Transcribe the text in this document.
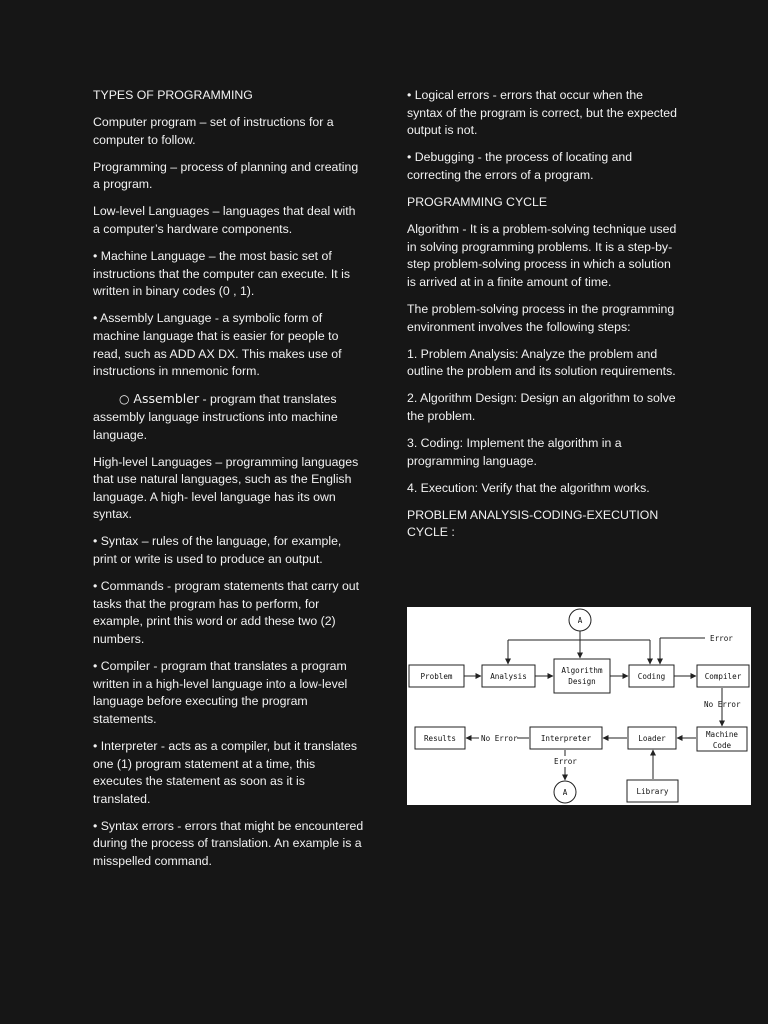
TYPES OF PROGRAMMING

Computer program – set of instructions for a computer to follow.

Programming – process of planning and creating a program.

Low-level Languages – languages that deal with a computer’s hardware components.

• Machine Language – the most basic set of instructions that the computer can execute. It is written in binary codes (0 , 1).

• Assembly Language - a symbolic form of machine language that is easier for people to read, such as ADD AX DX. This makes use of instructions in mnemonic form.

○ Assembler - program that translates assembly language instructions into machine language.

High-level Languages – programming languages that use natural languages, such as the English language. A high- level language has its own syntax.

• Syntax – rules of the language, for example, print or write is used to produce an output.

• Commands - program statements that carry out tasks that the program has to perform, for example, print this word or add these two (2) numbers.

• Compiler - program that translates a program written in a high-level language into a low-level language before executing the program statements.

• Interpreter - acts as a compiler, but it translates one (1) program statement at a time, this executes the statement as soon as it is translated.

• Syntax errors - errors that might be encountered during the process of translation. An example is a misspelled command.

• Logical errors - errors that occur when the syntax of the program is correct, but the expected output is not.

• Debugging - the process of locating and correcting the errors of a program.

PROGRAMMING CYCLE

Algorithm - It is a problem-solving technique used in solving programming problems. It is a step-by-step problem-solving process in which a solution is arrived at in a finite amount of time.

The problem-solving process in the programming environment involves the following steps:

1. Problem Analysis: Analyze the problem and outline the problem and its solution requirements.

2. Algorithm Design: Design an algorithm to solve the problem.

3. Coding: Implement the algorithm in a programming language.

4. Execution: Verify that the algorithm works.

PROBLEM ANALYSIS-CODING-EXECUTION CYCLE :

A
A
Problem	Analysis
Algorithm
Design
Coding	Compiler
Results	Interpreter	Loader	Machine
Code
Library
Error
No Error
No Error
Error
